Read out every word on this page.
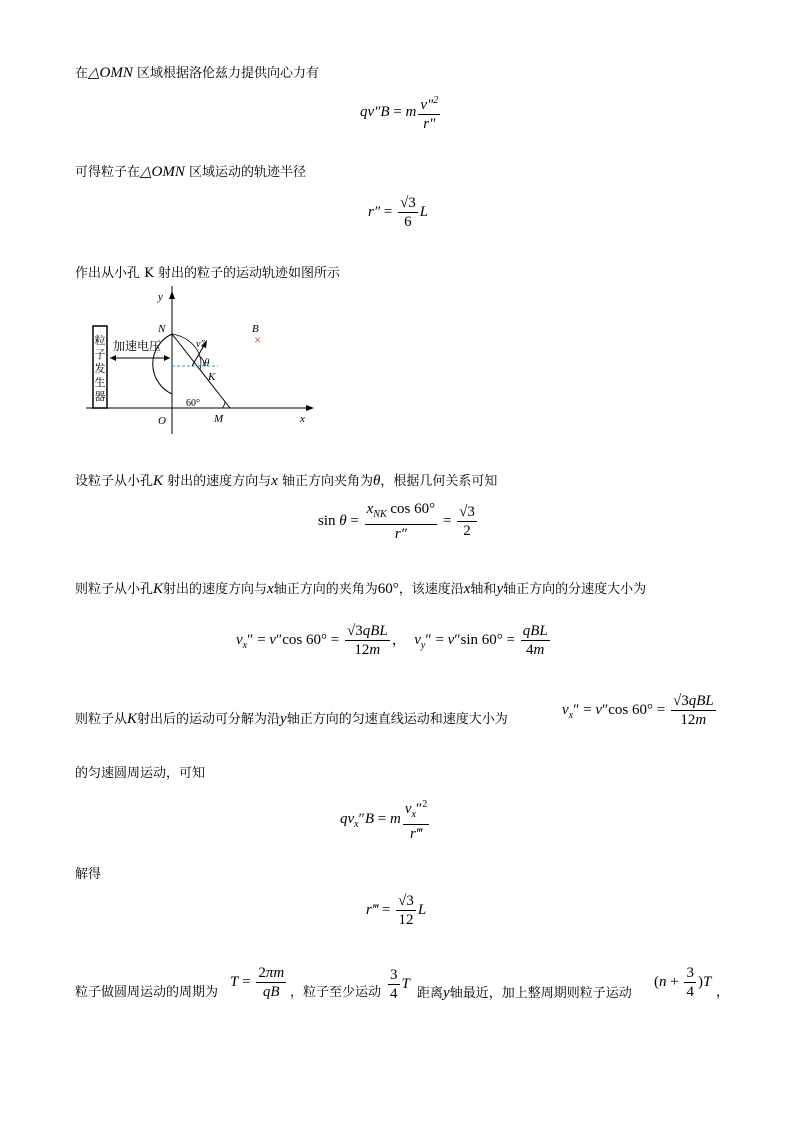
在△OMN 区域根据洛伦兹力提供向心力有
qv″B = m $\frac{v''^2}{r''}$
可得粒子在△OMN 区域运动的轨迹半径
$r'' = \frac{√3}{6}$ L
作出从小孔 K 射出的粒子的运动轨迹如图所示
粒
子
发
生
器
加速电压
y
x
N
O	M
K
B
×
v″
θ
60°
设粒子从小孔K 射出的速度方向与x 轴正方向夹角为θ，根据几何关系可知
$\sin \theta = \frac{x_{NK} \cos 60^\circ}{r''} = \frac{√3}{2}$
则粒子从小孔K射出的速度方向与x轴正方向的夹角为60°，该速度沿x轴和y轴正方向的分速度大小为
$v_x'' = v''\cos$ $60^\circ = \frac{\text{√3qBL}}{12m}$ ，  $v_y'' = v''\sin$ $60^\circ = \frac{\text{qBL}}{4m}$
则粒子从K射出后的运动可分解为沿y轴正方向的匀速直线运动和速度大小为
$v_x'' = v''\cos$ $60^\circ = \frac{\text{√3qBL}}{12m}$
的匀速圆周运动，可知
$qv_x''B = m \frac{v_x''^2}{r‴}$
解得
r‴ = $\frac{√3}{12}$ L
粒子做圆周运动的周期为
$T = \frac{2\pi m}{qB}$ ，粒子至少运动 $\frac{3}{4}$ T
距离y轴最近，加上整周期则粒子运动
$(n + \frac{3}{4} )T$
，
